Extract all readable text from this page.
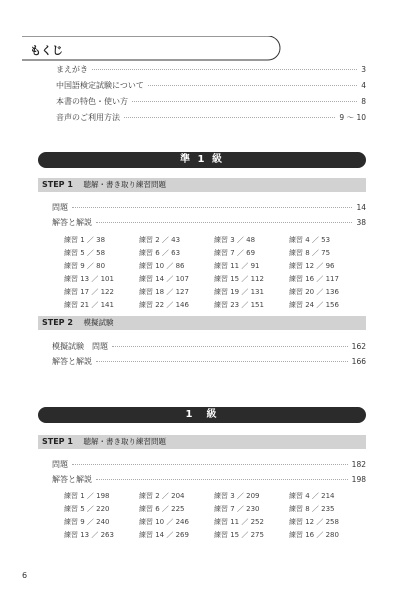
もくじ
まえがき	3
中国語検定試験について	4
本書の特色・使い方	8
音声のご利用方法	9 〜 10
準 1 級
STEP 1 聴解・書き取り練習問題
問題	14
解答と解説	38
練習 1 ／ 38	練習 2 ／ 43	練習 3 ／ 48	練習 4 ／ 53
練習 5 ／ 58	練習 6 ／ 63	練習 7 ／ 69	練習 8 ／ 75
練習 9 ／ 80	練習 10 ／ 86	練習 11 ／ 91	練習 12 ／ 96
練習 13 ／ 101	練習 14 ／ 107	練習 15 ／ 112	練習 16 ／ 117
練習 17 ／ 122	練習 18 ／ 127	練習 19 ／ 131	練習 20 ／ 136
練習 21 ／ 141	練習 22 ／ 146	練習 23 ／ 151	練習 24 ／ 156
STEP 2 模擬試験
模擬試験　問題	162
解答と解説	166
1　級
STEP 1 聴解・書き取り練習問題
問題	182
解答と解説	198
練習 1 ／ 198	練習 2 ／ 204	練習 3 ／ 209	練習 4 ／ 214
練習 5 ／ 220	練習 6 ／ 225	練習 7 ／ 230	練習 8 ／ 235
練習 9 ／ 240	練習 10 ／ 246	練習 11 ／ 252	練習 12 ／ 258
練習 13 ／ 263	練習 14 ／ 269	練習 15 ／ 275	練習 16 ／ 280
6
